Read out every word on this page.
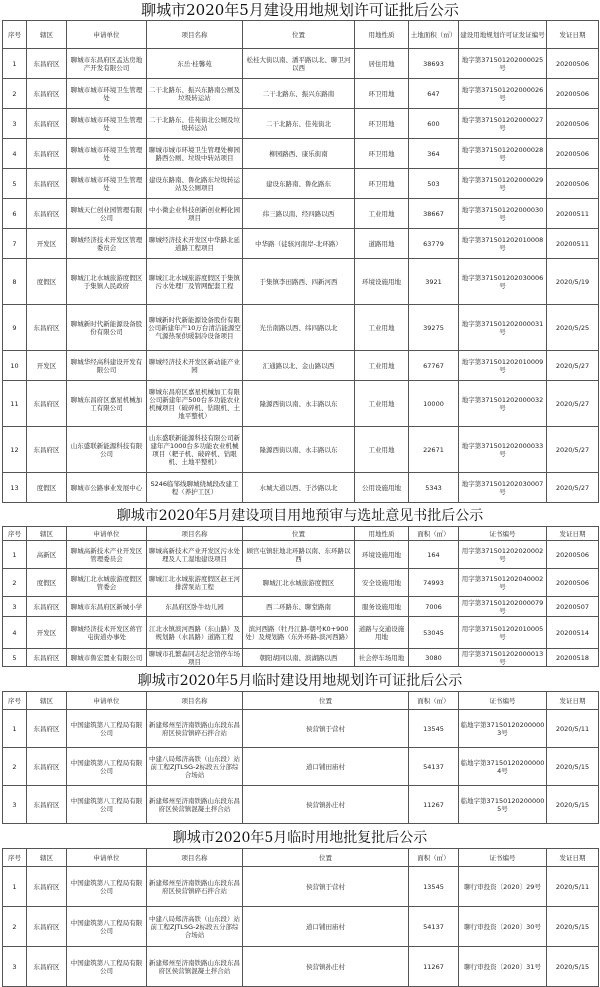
聊城市2020年5月建设用地规划许可证批后公示
序号	辖区	申请单位	项目名称	位置	用地性质	土地面积（㎡）	建设用地规划许可证发证编号	发证日期
1	东昌府区	聊城市东昌府区孟达房地产开发有限公司	东岳·桂馨苑	松桂大街以南、潘平路以北、聊卫河以西	居住用地	38693	地字第371501202000025号	20200506
2	东昌府区	聊城市城市环境卫生管理处	二干北路东、振兴东路南公厕及垃圾转运站	二干北路东、振兴东路南	环卫用地	647	地字第371501202000026号	20200506
3	东昌府区	聊城市城市环境卫生管理处	二干北路东、佳苑街北公厕及垃圾转运站	二干北路东、佳苑街北	环卫用地	600	地字第371501202000027号	20200506
4	东昌府区	聊城市城市环境卫生管理处	聊城市城市环境卫生管理处柳园路西公厕、垃圾中转站项目	柳园路西、康乐街南	环卫用地	364	地字第371501202000028号	20200506
5	东昌府区	聊城市城市环境卫生管理处	建设东路南、鲁化路东垃圾转运站及公厕项目	建设东路南、鲁化路东	环卫用地	503	地字第371501202000029号	20200506
6	东昌府区	聊城天仁创业园管理有限公司	中小微企业科技创新创业孵化园项目	纬三路以南、经四路以西	工业用地	38667	地字第371501202000030号	20200511
7	开发区	聊城经济技术开发区管理委员会	聊城经济技术开发区中华路北延道路工程项目	中华路（徒骇河南岸-北环路）	道路用地	63779	地字第371501202010008号	20200511
8	度假区	聊城江北水城旅游度假区于集镇人民政府	聊城江北水城旅游度假区于集镇污水处理厂及管网配套工程	于集镇李田路西、四新河西	环境设施用地	3921	地字第371501202030006号	2020/5/19
9	东昌府区	聊城新时代新能源设备股份有限公司	聊城新时代新能源设备股份有限公司新建年产10万台清洁能源空气源热泵供暖制冷设备项目	光岳南路以西、纬四路以北	工业用地	39275	地字第371501202000031号	2020/5/25
10	开发区	聊城华经高科建设开发有限公司	聊城经济技术开发区新动能产业园	汇通路以北、金山路以西	工业用地	67767	地字第371501202010009号	2020/5/27
11	东昌府区	聊城东昌府区嘉星机械加工有限公司	聊城东昌府区嘉星机械加工有限公司新建年产500台多功能农业机械项目（破碎机、钻眼机、土地平整机）	隆源西街以南、永丰路以东	工业用地	10000	地字第371501202000032号	2020/5/27
12	东昌府区	山东盛联新能源科技有限公司	山东盛联新能源科技有限公司新建年产1000台多功能农业机械项目（耙子机、破碎机、钻眼机、土地平整机）	隆源西街以南、永丰路以东	工业用地	22671	地字第371501202000033号	2020/5/27
13	度假区	聊城市公路事业发展中心	S246临邹线聊城绕城段改建工程（养护工区）	水城大道以西、于沙路以北	公用设施用地	5343	地字第371501202030007号	2020/5/27
聊城市2020年5月建设项目用地预审与选址意见书批后公示
序号	辖区	申请单位	项目名称	位置	用地性质	面积（㎡）	证书编号	发证日期
1	高新区	聊城高新技术产业开发区管理委员会	聊城高新技术产业开发区污水处理及人工湿地建设项目	顾官屯镇驻地北环路以南、东环路以西	环境设施用地	164	用字第371501202020002号	20200506
2	度假区	聊城江北水城旅游度假区管委会	聊城江北水城旅游度假区赵王河排涝泵站工程	聊城江北水城旅游度假区	安全设施用地	74993	用字第371501202040002号	20200506
3	东昌府区	聊城市东昌府区新城小学	东昌府区卧牛幼儿园	西二环路东、聊堂路南	服务设施用地	7006	用字第371501202000079号	20200507
4	开发区	聊城经济技术开发区蒋官屯街道办事处	江北水镇滨河西路（东山路）及规划路（水昌路）道路工程	滨河西路（牡丹江路-朝号K0+900处）及规划路（东外环路-滨河西路）	道路与交通设施用地	53045	用字第371501202010005号	20200514
5	东昌府区	聊城市鲁宏置业有限公司	聊城市孔繁森同志纪念馆停车场项目	朝阳胡同以南、滨湖路以西	社会停车场用地	3080	用字第371501202000013号	20200518
聊城市2020年5月临时建设用地规划许可证批后公示
序号	辖区	申请单位	项目名称	位置	面积（㎡）	证书编号	发证日期
1	东昌府区	中国建筑第八工程局有限公司	新建郑州至济南铁路山东段东昌府区侯营镇碎石拌合站	侯营镇于营村	13545	临地字第371501202000003号	2020/5/11
2	东昌府区	中国建筑第八工程局有限公司	中建八局郑济高铁（山东段）站前工程ZJTLSG-2标段五分部综合场站	道口铺田庙村	54137	临地字第371501202000004号	2020/5/15
3	东昌府区	中国建筑第八工程局有限公司	新建郑州至济南铁路山东段东昌府区侯营镇混凝土拌合站	侯营镇孙庄村	11267	临地字第371501202000005号	2020/5/15
聊城市2020年5月临时用地批复批后公示
序号	辖区	申请单位	项目名称	位置	面积（㎡）	证书编号	发证日期
1	东昌府区	中国建筑第八工程局有限公司	新建郑州至济南铁路山东段东昌府区侯营镇碎石拌合站	侯营镇于营村	13545	聊行审投资〔2020〕29号	2020/5/11
2	东昌府区	中国建筑第八工程局有限公司	中建八局郑济高铁（山东段）站前工程ZJTLSG-2标段五分部综合场站	道口铺田庙村	54137	聊行审投资〔2020〕30号	2020/5/15
3	东昌府区	中国建筑第八工程局有限公司	新建郑州至济南铁路山东段东昌府区侯营镇混凝土拌合站	侯营镇孙庄村	11267	聊行审投资〔2020〕31号	2020/5/15
